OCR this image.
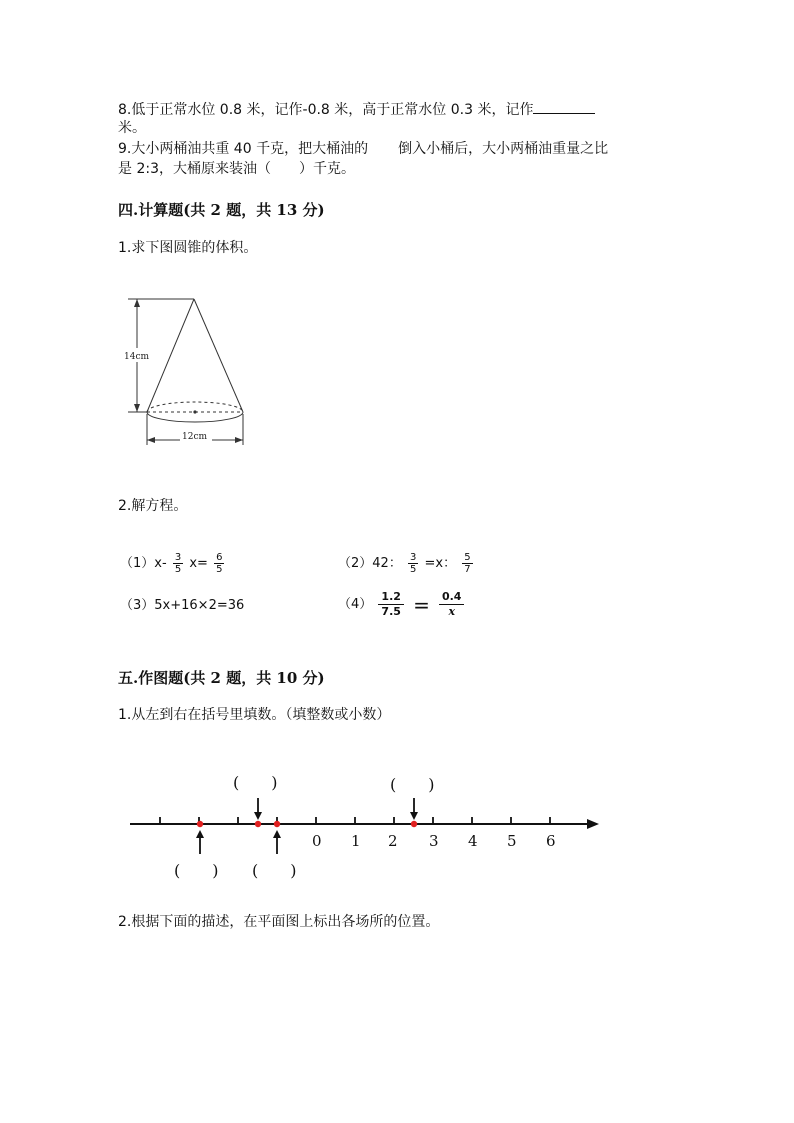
8.低于正常水位 0.8 米，记作-0.8 米，高于正常水位 0.3 米，记作
米。
9.大小两桶油共重 40 千克，把大桶油的 倒入小桶后，大小两桶油重量之比
是 2:3，大桶原来装油（　　）千克。
四.计算题(共 2 题，共 13 分)
1.求下图圆锥的体积。
14cm
12cm
2.解方程。
$(1)x- \frac{3}{5} x= \frac{6}{5}$	（2）42： $\frac{3}{5} =x$： $\frac{5}{7}$
（3）5x+16×2=36	$(4) \frac{1.2}{7.5} = \frac{0.4}{x}$
五.作图题(共 2 题，共 10 分)
1.从左到右在括号里填数。（填整数或小数）
0 1 2 3 4 5 6
(　　)	(　　)
(　　) (　　)
2.根据下面的描述，在平面图上标出各场所的位置。
